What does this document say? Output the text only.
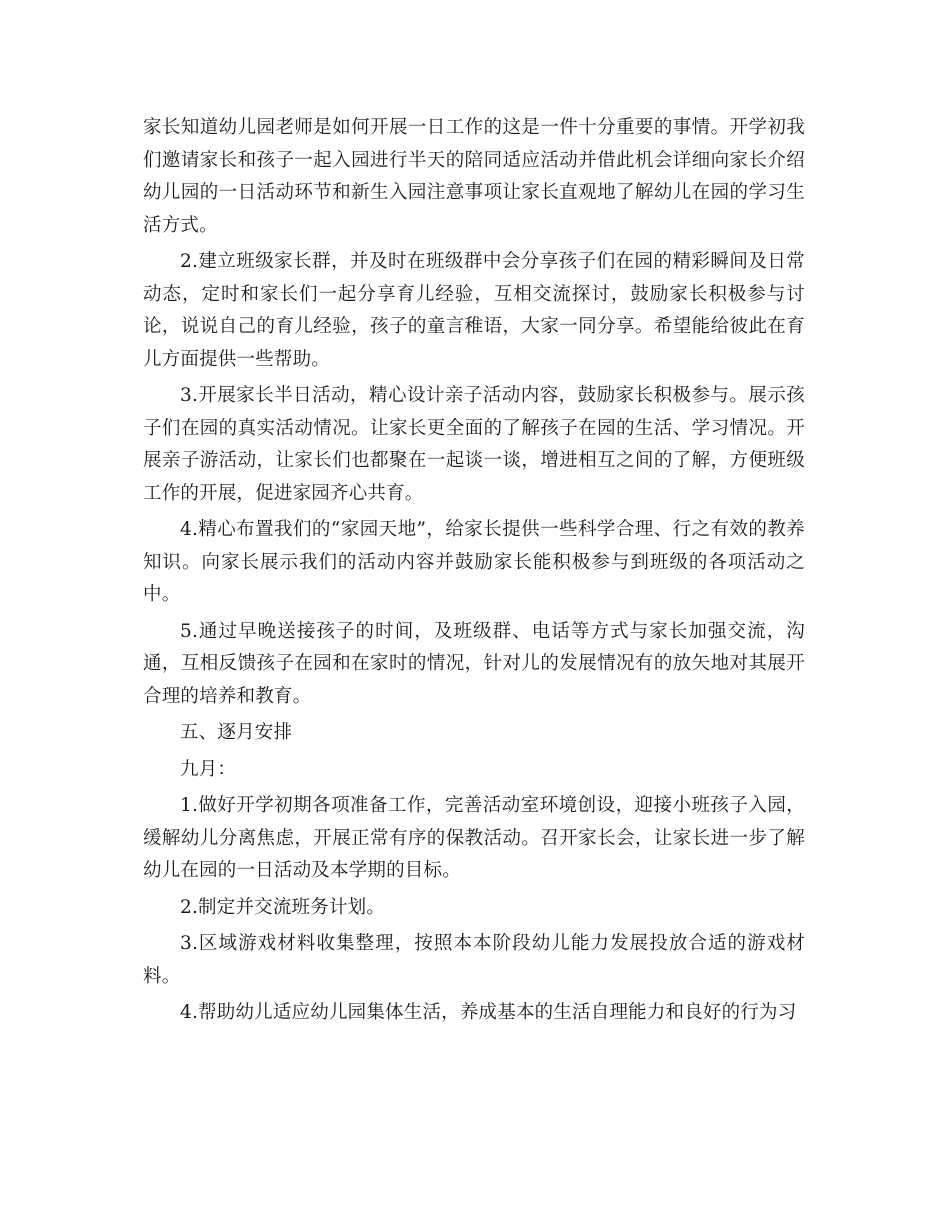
家长知道幼儿园老师是如何开展一日工作的这是一件十分重要的事情。开学初我们邀请家长和孩子一起入园进行半天的陪同适应活动并借此机会详细向家长介绍幼儿园的一日活动环节和新生入园注意事项让家长直观地了解幼儿在园的学习生活方式。

2.建立班级家长群，并及时在班级群中会分享孩子们在园的精彩瞬间及日常动态，定时和家长们一起分享育儿经验，互相交流探讨，鼓励家长积极参与讨论，说说自己的育儿经验，孩子的童言稚语，大家一同分享。希望能给彼此在育儿方面提供一些帮助。

3.开展家长半日活动，精心设计亲子活动内容，鼓励家长积极参与。展示孩子们在园的真实活动情况。让家长更全面的了解孩子在园的生活、学习情况。开展亲子游活动，让家长们也都聚在一起谈一谈，增进相互之间的了解，方便班级工作的开展，促进家园齐心共育。

4.精心布置我们的“家园天地”，给家长提供一些科学合理、行之有效的教养知识。向家长展示我们的活动内容并鼓励家长能积极参与到班级的各项活动之中。

5.通过早晚送接孩子的时间，及班级群、电话等方式与家长加强交流，沟通，互相反馈孩子在园和在家时的情况，针对儿的发展情况有的放矢地对其展开合理的培养和教育。

五、逐月安排

九月：

1.做好开学初期各项准备工作，完善活动室环境创设，迎接小班孩子入园，缓解幼儿分离焦虑，开展正常有序的保教活动。召开家长会，让家长进一步了解幼儿在园的一日活动及本学期的目标。

2.制定并交流班务计划。

3.区域游戏材料收集整理，按照本本阶段幼儿能力发展投放合适的游戏材料。

4.帮助幼儿适应幼儿园集体生活，养成基本的生活自理能力和良好的行为习
